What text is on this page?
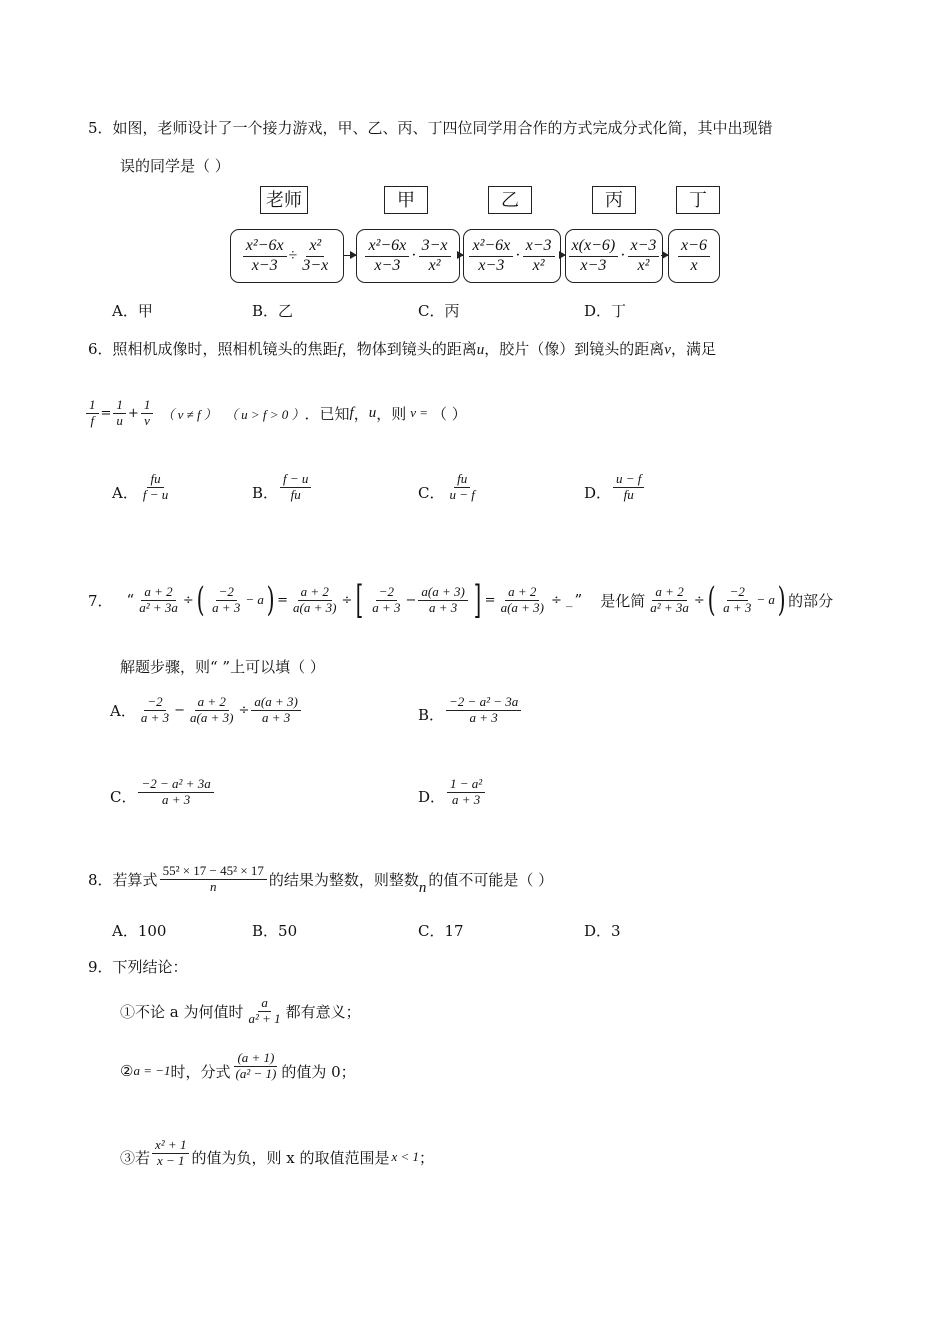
5．如图，老师设计了一个接力游戏，甲、乙、丙、丁四位同学用合作的方式完成分式化简，其中出现错
误的同学是（ ）
老师	甲	乙	丙	丁
$\frac{\text{x²−6x}}{x-3} \div \frac{\text{x²}}{3-x} \frac{\text{x²−6x}}{x-3} \cdot \frac{3-x}{\text{x²}} \frac{\text{x²−6x}}{x-3} \cdot \frac{x-3}{\text{x²}} \frac{x(x-6)}{x-3} \cdot \frac{x-3}{\text{x²}} \frac{x-6}{x}$
A．甲	B．乙	C．丙	D．丁
6．照相机成像时，照相机镜头的焦距f，物体到镜头的距离u，胶片（像）到镜头的距离v，满足
$\frac{1}{f} = \frac{1}{u} + \frac{1}{v}$ （ v ≠ f ） （ u > f > 0 ） ．已知 f ， u ，则 v = （ ）
A． $\frac{fu}{f - u}$	B． $\frac{f - u}{fu}$	C． $\frac{fu}{u - f}$	D． $\frac{u - f}{fu}$
7． “ $\frac{a + 2}{\text{a² + 3a}}$ ÷ ( $\frac{-2}{a + 3} - a$ ) = $\frac{a + 2}{a(a + 3)}$ ÷ [ $\frac{-2}{a + 3} - \frac{a(a + 3)}{a + 3}$ ] = $\frac{a + 2}{a(a + 3)}$ ÷ _ ” 是化简 $\frac{a + 2}{\text{a² + 3a}}$ ÷ ( $\frac{-2}{a + 3} - a$ ) 的部分
解题步骤，则“ ”上可以填（ ）
A． $\frac{-2}{a + 3} - \frac{a + 2}{a(a + 3)} \div \frac{a(a + 3)}{a + 3}$	B． $\frac{\text{−2 − a² − 3a}}{a + 3}$
C． $\frac{\text{−2 − a² + 3a}}{a + 3}$	D． $\frac{\text{1 − a²}}{a + 3}$
8． 若算式 $\frac{\text{55² × 17 − 45² × 17}}{n}$ 的结果为整数，则整数 n 的值不可能是（ ）
A．100	B．50	C．17	D．3
9．下列结论：
①不论 a 为何值时 $\frac{a}{\text{a² + 1}}$ 都有意义；
② a = −1 时，分式 $\frac{(a + 1)}{\text{(a² − 1)}}$ 的值为 0；
③若 $\frac{\text{x² + 1}}{x - 1}$ 的值为负，则 x 的取值范围是 x < 1 ；
